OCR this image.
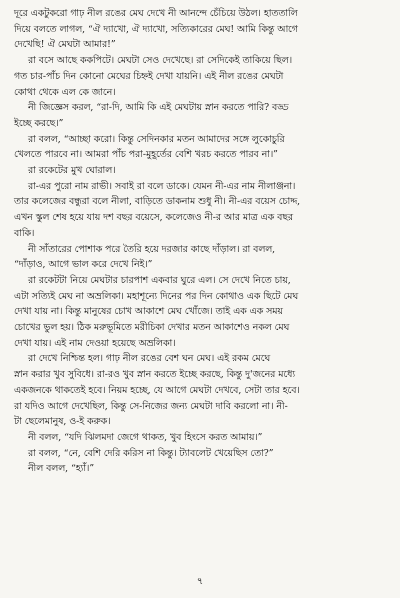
দূরে একটুকরো গাঢ় নীল রঙের মেঘ দেখে নী আনন্দে চেঁচিয়ে উঠল। হাততালি
দিয়ে বলতে লাগল, “ঐ দ্যাখো, ঐ দ্যাখো, সত্যিকারের মেঘ! আমি কিন্তু আগে
দেখেছি! ঐ মেঘটা আমার!”

রা বসে আছে ককপিটে। মেঘটা সেও দেখেছে। রা সেদিকেই তাকিয়ে ছিল।
গত চার-পাঁচ দিন কোনো মেঘের চিহ্নই দেখা যায়নি। এই নীল রঙের মেঘটা
কোথা থেকে এল কে জানে।

নী জিজ্ঞেস করল, “রা-দি, আমি কি এই মেঘটায় স্নান করতে পারি? বড্ড
ইচ্ছে করছে।”

রা বলল, “আচ্ছা করো। কিন্তু সেদিনকার মতন আমাদের সঙ্গে লুকোচুরি
খেলতে পারবে না। আমরা পাঁচ পরা-মুহূর্তের বেশি খরচ করতে পারব না।”

রা রকেটের মুখ ঘোরাল।

রা-এর পুরো নাম রাভী। সবাই রা বলে ডাকে। যেমন নী-এর নাম নীলাঞ্জনা।
তার কলেজের বন্ধুরা বলে নীলা, বাড়িতে ডাকনাম শুধু নী। নী-এর বয়েস চোদ্দ,
এখন স্কুল শেষ হয়ে যায় দশ বছর বয়েসে, কলেজেও নী-র আর মাত্র এক বছর
বাকি।

নী সাঁতারের পোশাক পরে তৈরি হয়ে দরজার কাছে দাঁড়াল। রা বলল,
“দাঁড়াও, আগে ভাল করে দেখে নিই।”

রা রকেটটা নিয়ে মেঘটার চারপাশ একবার ঘুরে এল। সে দেখে নিতে চায়,
এটা সত্যিই মেঘ না অভ্রলিকা। মহাশূন্যে দিনের পর দিন কোথাও এক ছিটে মেঘ
দেখা যায় না। কিন্তু মানুষের চোখ আকাশে মেঘ খোঁজে। তাই এক এক সময়
চোখের ভুল হয়। ঠিক মরুভূমিতে মরীচিকা দেখার মতন আকাশেও নকল মেঘ
দেখা যায়। এই নাম দেওয়া হয়েছে অভ্রলিকা।

রা দেখে নিশ্চিন্ত হল। গাঢ় নীল রঙের বেশ ঘন মেঘ। এই রকম মেঘে
স্নান করার খুব সুবিধে। রা-রও খুব স্নান করতে ইচ্ছে করছে, কিন্তু দু'জনের মধ্যে
একজনকে থাকতেই হবে। নিয়ম হচ্ছে, যে আগে মেঘটা দেখবে, সেটা তার হবে।
রা যদিও আগে দেখেছিল, কিন্তু সে-নিজের জন্য মেঘটা দাবি করলো না। নী-
টা ছেলেমানুষ, ও-ই করুক।

নী বলল, “যদি ঝিলমদা জেগে থাকত, খুব হিংসে করত আমায়।”

রা বলল, “নে, বেশি দেরি করিস না কিন্তু। ট্যাবলেট খেয়েছিস তো?”

নীল বলল, “হ্যাঁ।”

৭
